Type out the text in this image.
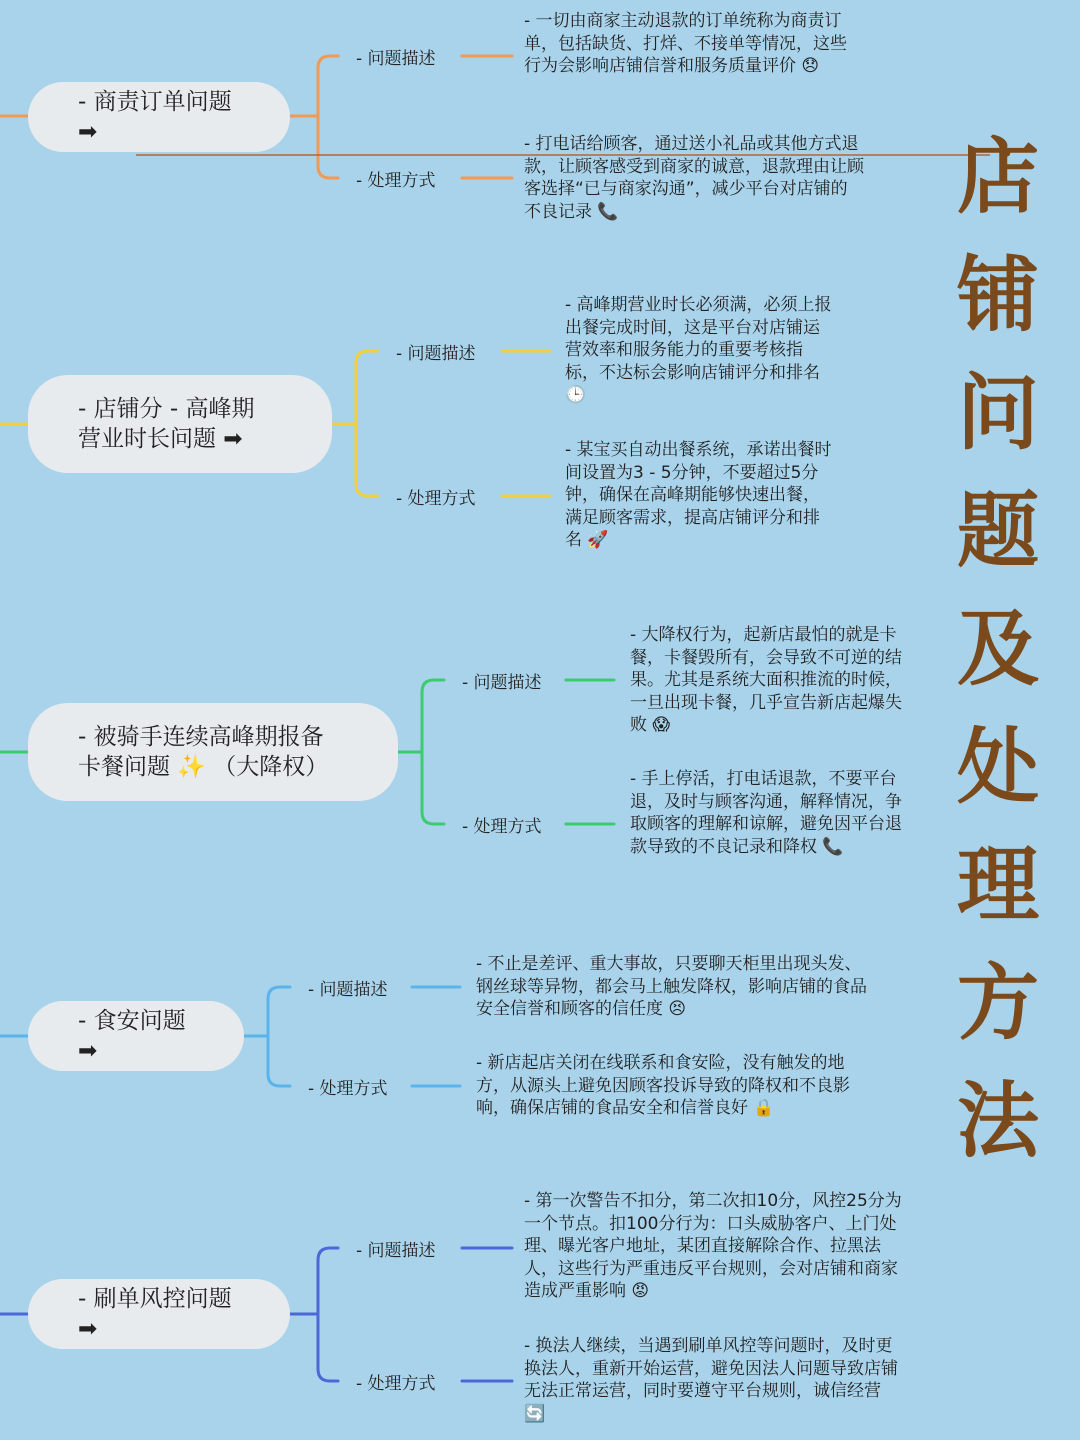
- 商责订单问题 ➡
- 问题描述
- 处理方式
- 一切由商家主动退款的订单统称为商责订单，包括缺货、打烊、不接单等情况，这些行为会影响店铺信誉和服务质量评价 😞
- 打电话给顾客，通过送小礼品或其他方式退款，让顾客感受到商家的诚意，退款理由让顾客选择“已与商家沟通”，减少平台对店铺的不良记录 📞
- 店铺分 - 高峰期
营业时长问题 ➡
- 问题描述
- 处理方式
- 高峰期营业时长必须满，必须上报出餐完成时间，这是平台对店铺运营效率和服务能力的重要考核指标，不达标会影响店铺评分和排名 🕒
- 某宝买自动出餐系统，承诺出餐时间设置为3 - 5分钟，不要超过5分钟，确保在高峰期能够快速出餐，满足顾客需求，提高店铺评分和排名 🚀
- 被骑手连续高峰期报备
卡餐问题 ✨ （大降权）
- 问题描述
- 处理方式
- 大降权行为，起新店最怕的就是卡餐，卡餐毁所有，会导致不可逆的结果。尤其是系统大面积推流的时候，一旦出现卡餐，几乎宣告新店起爆失败 😱
- 手上停活，打电话退款，不要平台退，及时与顾客沟通，解释情况，争取顾客的理解和谅解，避免因平台退款导致的不良记录和降权 📞
- 食安问题 ➡
- 问题描述
- 处理方式
- 不止是差评、重大事故，只要聊天柜里出现头发、钢丝球等异物，都会马上触发降权，影响店铺的食品安全信誉和顾客的信任度 😣
- 新店起店关闭在线联系和食安险，没有触发的地方，从源头上避免因顾客投诉导致的降权和不良影响，确保店铺的食品安全和信誉良好 🔒
- 刷单风控问题 ➡
- 问题描述
- 处理方式
- 第一次警告不扣分，第二次扣10分，风控25分为一个节点。扣100分行为：口头威胁客户、上门处理、曝光客户地址，某团直接解除合作、拉黑法人，这些行为严重违反平台规则，会对店铺和商家造成严重影响 😡
- 换法人继续，当遇到刷单风控等问题时，及时更换法人，重新开始运营，避免因法人问题导致店铺无法正常运营，同时要遵守平台规则，诚信经营 🔄
店
铺
问
题
及
处
理
方
法
